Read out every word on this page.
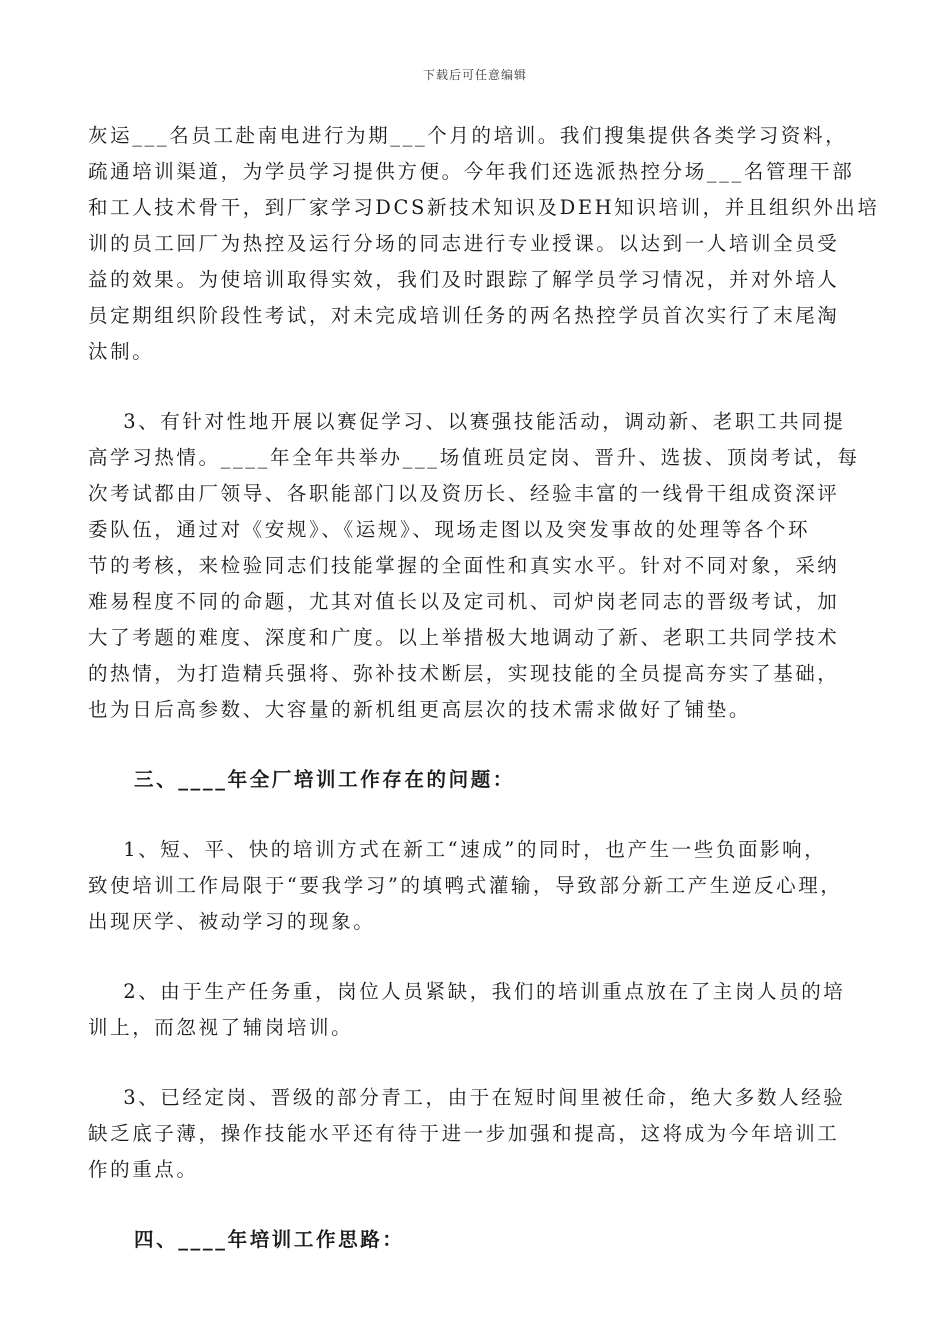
下载后可任意编辑

灰运___名员工赴南电进行为期___个月的培训。我们搜集提供各类学习资料，

疏通培训渠道，为学员学习提供方便。今年我们还选派热控分场___名管理干部

和工人技术骨干，到厂家学习DCS新技术知识及DEH知识培训，并且组织外出培

训的员工回厂为热控及运行分场的同志进行专业授课。以达到一人培训全员受

益的效果。为使培训取得实效，我们及时跟踪了解学员学习情况，并对外培人

员定期组织阶段性考试，对未完成培训任务的两名热控学员首次实行了末尾淘

汰制。

3、有针对性地开展以赛促学习、以赛强技能活动，调动新、老职工共同提

高学习热情。____年全年共举办___场值班员定岗、晋升、选拔、顶岗考试，每

次考试都由厂领导、各职能部门以及资历长、经验丰富的一线骨干组成资深评

委队伍，通过对《安规》、《运规》、现场走图以及突发事故的处理等各个环

节的考核，来检验同志们技能掌握的全面性和真实水平。针对不同对象，采纳

难易程度不同的命题，尤其对值长以及定司机、司炉岗老同志的晋级考试，加

大了考题的难度、深度和广度。以上举措极大地调动了新、老职工共同学技术

的热情，为打造精兵强将、弥补技术断层，实现技能的全员提高夯实了基础，

也为日后高参数、大容量的新机组更高层次的技术需求做好了铺垫。

三、____年全厂培训工作存在的问题：

1、短、平、快的培训方式在新工“速成”的同时，也产生一些负面影响，

致使培训工作局限于“要我学习”的填鸭式灌输，导致部分新工产生逆反心理，

出现厌学、被动学习的现象。

2、由于生产任务重，岗位人员紧缺，我们的培训重点放在了主岗人员的培

训上，而忽视了辅岗培训。

3、已经定岗、晋级的部分青工，由于在短时间里被任命，绝大多数人经验

缺乏底子薄，操作技能水平还有待于进一步加强和提高，这将成为今年培训工

作的重点。

四、____年培训工作思路：
